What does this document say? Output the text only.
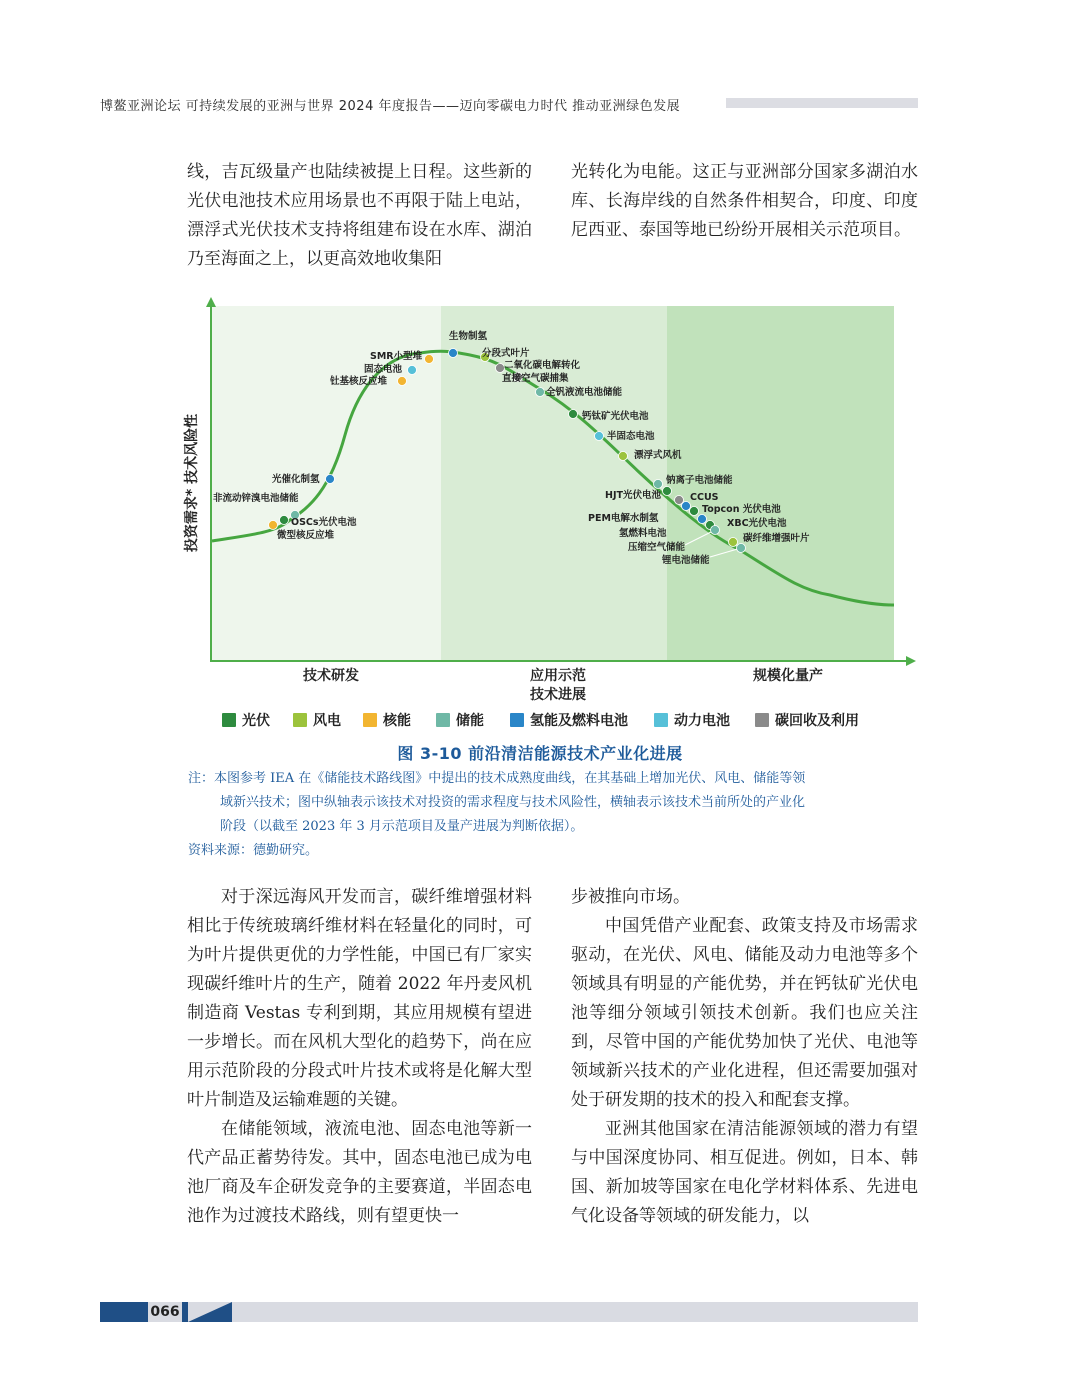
博鳌亚洲论坛 可持续发展的亚洲与世界 2024 年度报告——迈向零碳电力时代 推动亚洲绿色发展

线，吉瓦级量产也陆续被提上日程。这些新的光伏电池技术应用场景也不再限于陆上电站，漂浮式光伏技术支持将组建布设在水库、湖泊乃至海面之上，以更高效地收集阳

光转化为电能。这正与亚洲部分国家多湖泊水库、长海岸线的自然条件相契合，印度、印度尼西亚、泰国等地已纷纷开展相关示范项目。

微型核反应堆
OSCs光伏电池
非流动锌溴电池储能
光催化制氢
钍基核反应堆
固态电池
SMR小型堆
生物制氢
分段式叶片
二氧化碳电解转化
直接空气碳捕集
全钒液流电池储能
钙钛矿光伏电池
半固态电池
漂浮式风机
钠离子电池储能
HJT光伏电池	CCUS
PEM电解水制氢
Topcon 光伏电池
氢燃料电池
XBC光伏电池
压缩空气储能
碳纤维增强叶片
锂电池储能
投资需求* 技术风险性
技术研发	应用示范
技术进展
规模化量产
光伏	风电	核能	储能	氢能及燃料电池	动力电池	碳回收及利用
图 3-10 前沿清洁能源技术产业化进展
注：本图参考 IEA 在《储能技术路线图》中提出的技术成熟度曲线，在其基础上增加光伏、风电、储能等领
域新兴技术；图中纵轴表示该技术对投资的需求程度与技术风险性，横轴表示该技术当前所处的产业化
阶段（以截至 2023 年 3 月示范项目及量产进展为判断依据）。
资料来源：德勤研究。

对于深远海风开发而言，碳纤维增强材料相比于传统玻璃纤维材料在轻量化的同时，可为叶片提供更优的力学性能，中国已有厂家实现碳纤维叶片的生产，随着 2022 年丹麦风机制造商 Vestas 专利到期，其应用规模有望进一步增长。而在风机大型化的趋势下，尚在应用示范阶段的分段式叶片技术或将是化解大型叶片制造及运输难题的关键。

在储能领域，液流电池、固态电池等新一代产品正蓄势待发。其中，固态电池已成为电池厂商及车企研发竞争的主要赛道，半固态电池作为过渡技术路线，则有望更快一

步被推向市场。

中国凭借产业配套、政策支持及市场需求驱动，在光伏、风电、储能及动力电池等多个领域具有明显的产能优势，并在钙钛矿光伏电池等细分领域引领技术创新。我们也应关注到，尽管中国的产能优势加快了光伏、电池等领域新兴技术的产业化进程，但还需要加强对处于研发期的技术的投入和配套支撑。

亚洲其他国家在清洁能源领域的潜力有望与中国深度协同、相互促进。例如，日本、韩国、新加坡等国家在电化学材料体系、先进电气化设备等领域的研发能力，以

066
